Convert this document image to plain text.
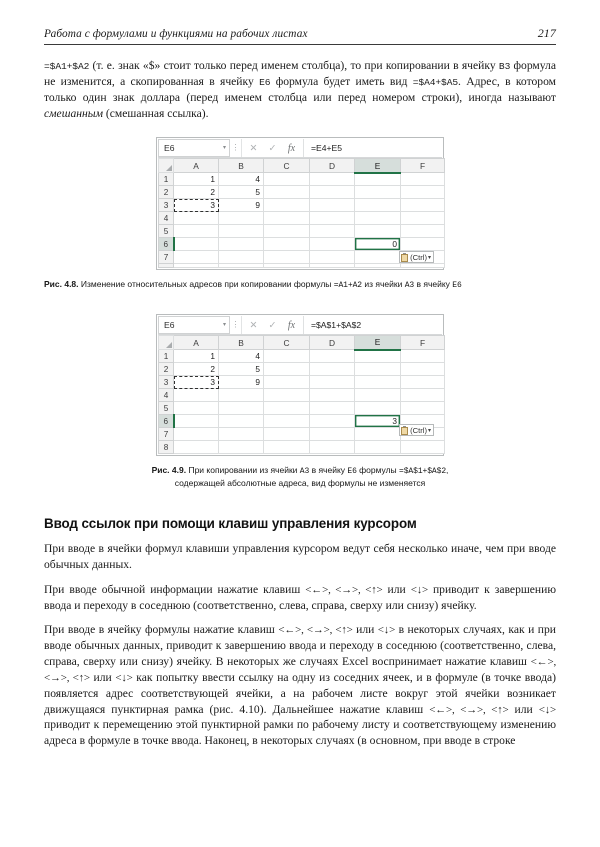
Работа с формулами и функциями на рабочих листах	217

=$A1+$A2 (т. е. знак «$» стоит только перед именем столбца), то при копировании в ячейку B3 формула не изменится, а скопированная в ячейку E6 формула будет иметь вид =$A4+$A5. Адрес, в котором только один знак доллара (перед именем столбца или перед номером строки), иногда называют смешанным (смешанная ссылка).

E6	▾ ⋮	✕	✓	fx	=E4+E5
	A	B	C	D	E	F
1	1	4				
2	2	5				
3	3	9				
4						
5						
6					0	
7						
							(Ctrl) ▾
Рис. 4.8. Изменение относительных адресов при копировании формулы =A1+A2 из ячейки A3 в ячейку E6
E6	▾ ⋮	✕	✓	fx	=$A$1+$A$2
	A	B	C	D	E	F
1	1	4				
2	2	5				
3	3	9				
4						
5						
6					3	
7						
8						
(Ctrl) ▾
Рис. 4.9. При копировании из ячейки A3 в ячейку E6 формулы =$A$1+$A$2,
содержащей абсолютные адреса, вид формулы не изменяется
Ввод ссылок при помощи клавиш управления курсором

При вводе в ячейки формул клавиши управления курсором ведут себя несколько иначе, чем при вводе обычных данных.

При вводе обычной информации нажатие клавиш <←>, <→>, <↑> или <↓> приводит к завершению ввода и переходу в соседнюю (соответственно, слева, справа, сверху или снизу) ячейку.

При вводе в ячейку формулы нажатие клавиш <←>, <→>, <↑> или <↓> в некоторых случаях, как и при вводе обычных данных, приводит к завершению ввода и переходу в соседнюю (соответственно, слева, справа, сверху или снизу) ячейку. В некоторых же случаях Excel воспринимает нажатие клавиш <←>, <→>, <↑> или <↓> как попытку ввести ссылку на одну из соседних ячеек, и в формуле (в точке ввода) появляется адрес соответствующей ячейки, а на рабочем листе вокруг этой ячейки возникает движущаяся пунктирная рамка (рис. 4.10). Дальнейшее нажатие клавиш <←>, <→>, <↑> или <↓> приводит к перемещению этой пунктирной рамки по рабочему листу и соответствующему изменению адреса в формуле в точке ввода. Наконец, в некоторых случаях (в основном, при вводе в строке
